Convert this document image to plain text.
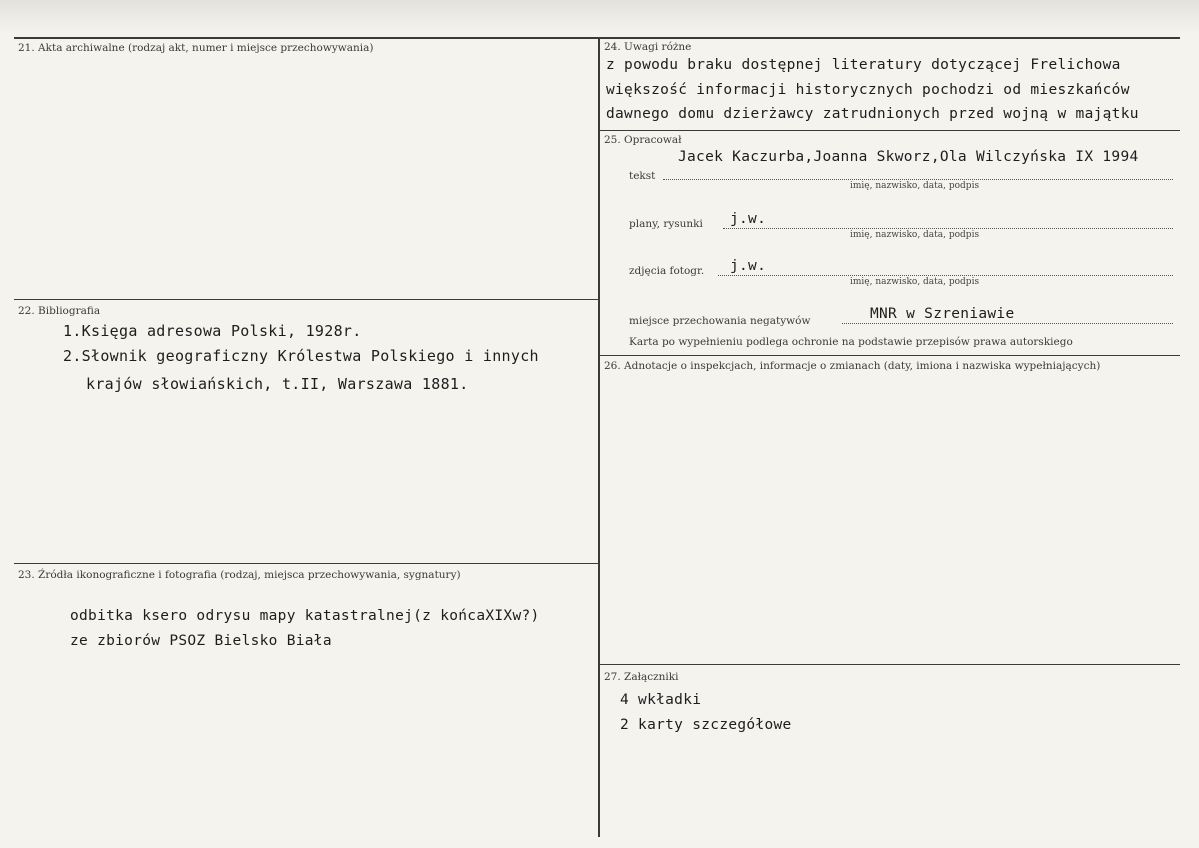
21. Akta archiwalne (rodzaj akt, numer i miejsce przechowywania)
22. Bibliografia
1.Księga adresowa Polski, 1928r.
2.Słownik geograficzny Królestwa Polskiego i innych
krajów słowiańskich, t.II, Warszawa 1881.
23. Źródła ikonograficzne i fotografia (rodzaj, miejsca przechowywania, sygnatury)
odbitka ksero odrysu mapy katastralnej(z końcaXIXw?)
ze zbiorów PSOZ Bielsko Biała
24. Uwagi różne
z powodu braku dostępnej literatury dotyczącej Frelichowa
większość informacji historycznych pochodzi od mieszkańców
dawnego domu dzierżawcy zatrudnionych przed wojną w majątku
25. Opracował
tekst
Jacek Kaczurba,Joanna Skworz,Ola Wilczyńska IX 1994
imię, nazwisko, data, podpis
plany, rysunki j.w.
imię, nazwisko, data, podpis
zdjęcia fotogr. j.w.
imię, nazwisko, data, podpis
miejsce przechowania negatywów	MNR w Szreniawie
Karta po wypełnieniu podlega ochronie na podstawie przepisów prawa autorskiego
26. Adnotacje o inspekcjach, informacje o zmianach (daty, imiona i nazwiska wypełniających)
27. Załączniki
4 wkładki
2 karty szczegółowe
